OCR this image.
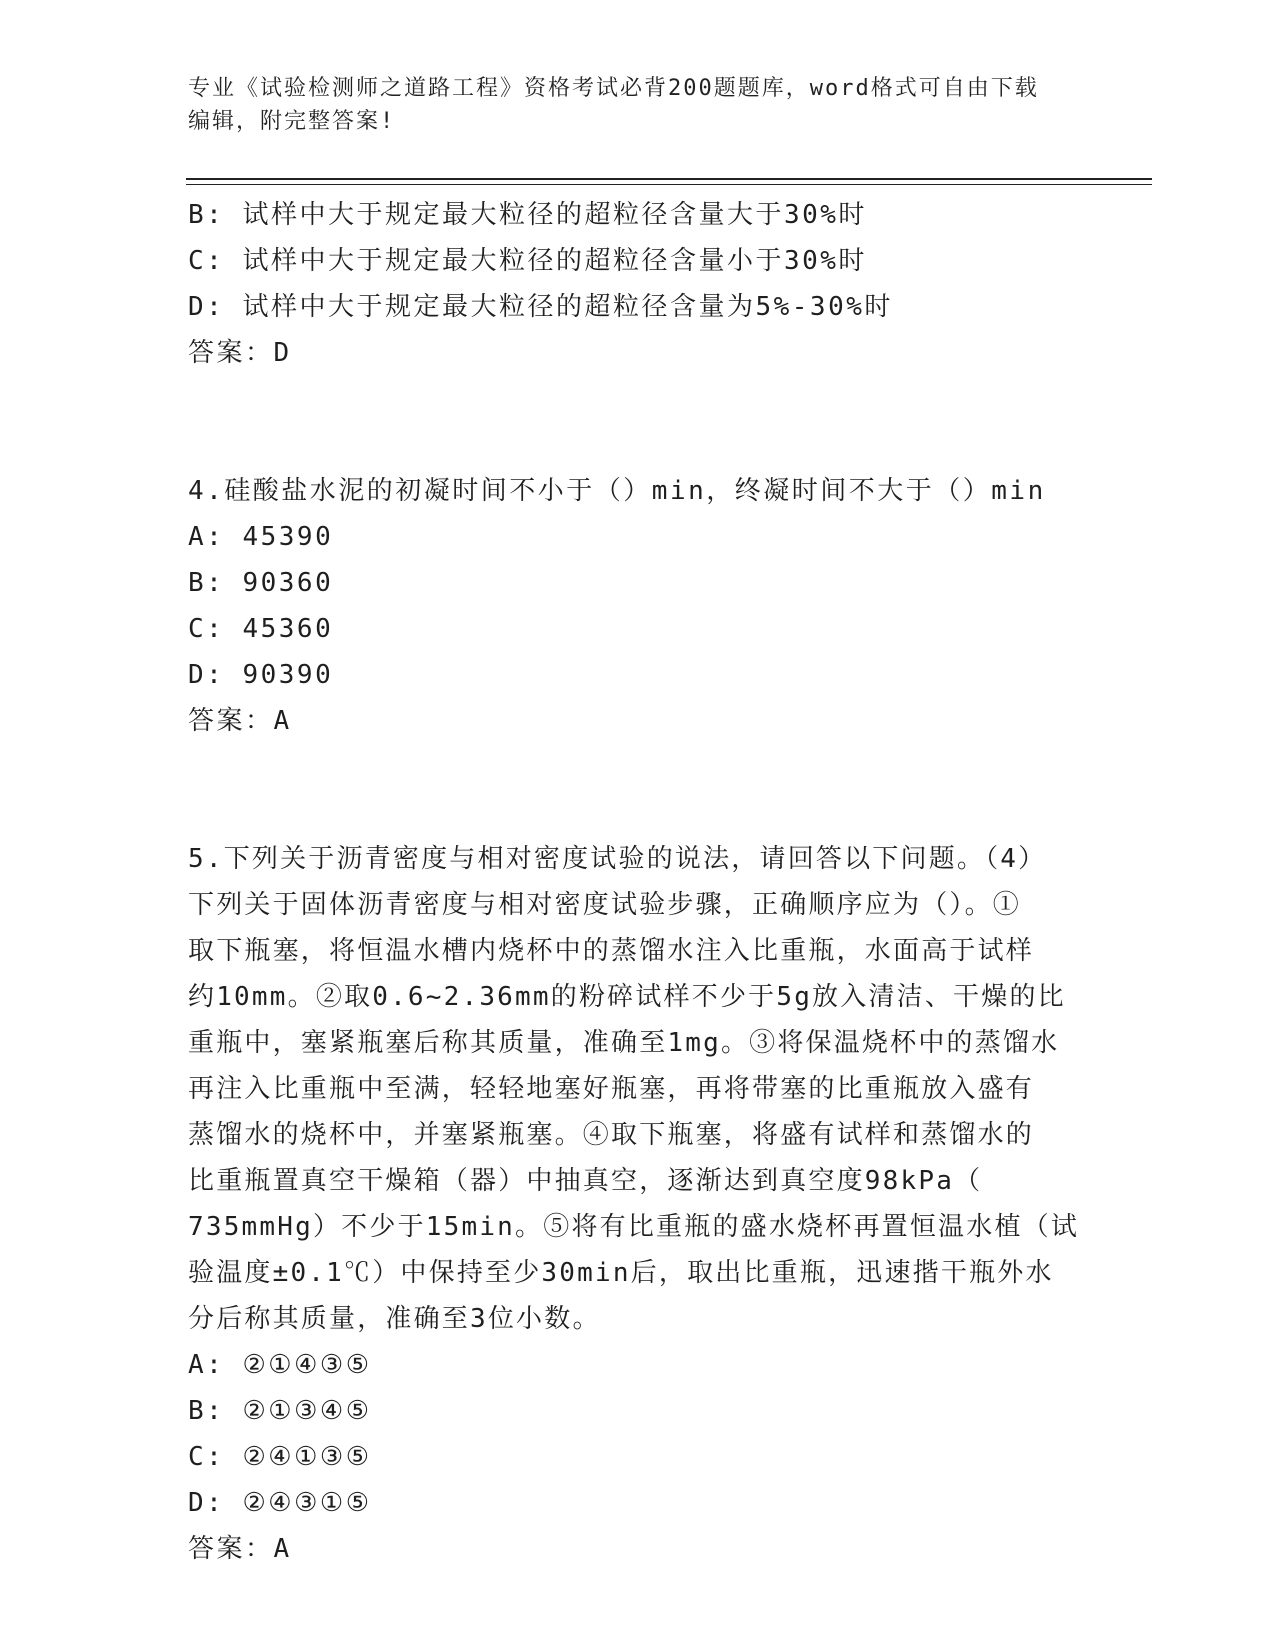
专业《试验检测师之道路工程》资格考试必背200题题库，word格式可自由下载
编辑，附完整答案!
B: 试样中大于规定最大粒径的超粒径含量大于30%时
C: 试样中大于规定最大粒径的超粒径含量小于30%时
D: 试样中大于规定最大粒径的超粒径含量为5%-30%时
答案：D
4.硅酸盐水泥的初凝时间不小于（）min，终凝时间不大于（）min
A: 45390
B: 90360
C: 45360
D: 90390
答案：A
5.下列关于沥青密度与相对密度试验的说法，请回答以下问题。（4）
下列关于固体沥青密度与相对密度试验步骤，正确顺序应为（）。①
取下瓶塞，将恒温水槽内烧杯中的蒸馏水注入比重瓶，水面高于试样
约10mm。②取0.6~2.36mm的粉碎试样不少于5g放入清洁、干燥的比
重瓶中，塞紧瓶塞后称其质量，准确至1mg。③将保温烧杯中的蒸馏水
再注入比重瓶中至满，轻轻地塞好瓶塞，再将带塞的比重瓶放入盛有
蒸馏水的烧杯中，并塞紧瓶塞。④取下瓶塞，将盛有试样和蒸馏水的
比重瓶置真空干燥箱（器）中抽真空，逐渐达到真空度98kPa（
735mmHg）不少于15min。⑤将有比重瓶的盛水烧杯再置恒温水植（试
验温度±0.1℃）中保持至少30min后，取出比重瓶，迅速揩干瓶外水
分后称其质量，准确至3位小数。
A: ②①④③⑤
B: ②①③④⑤
C: ②④①③⑤
D: ②④③①⑤
答案：A
